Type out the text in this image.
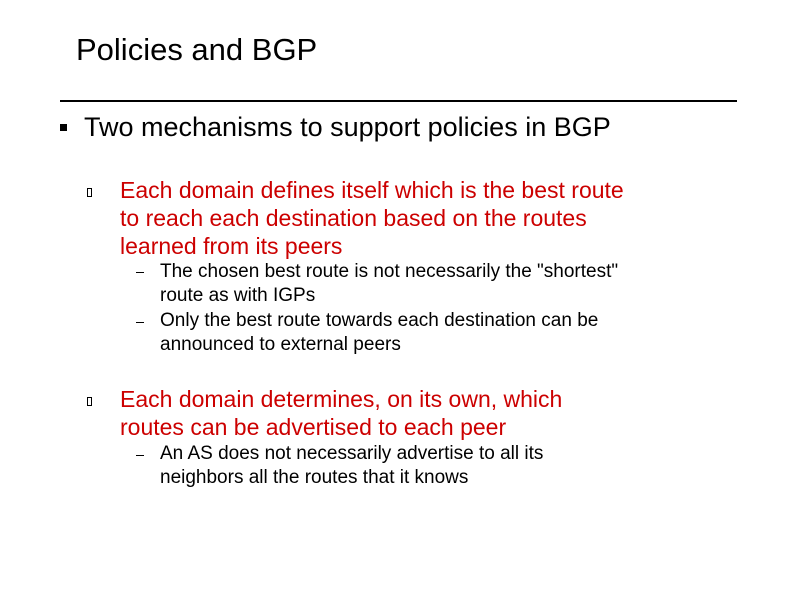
Policies and BGP
Two mechanisms to support policies in BGP
Each domain defines itself which is the best route
to reach each destination based on the routes
learned from its peers
The chosen best route is not necessarily the "shortest"
route as with IGPs
Only the best route towards each destination can be
announced to external peers
Each domain determines, on its own, which
routes can be advertised to each peer
An AS does not necessarily advertise to all its
neighbors all the routes that it knows
